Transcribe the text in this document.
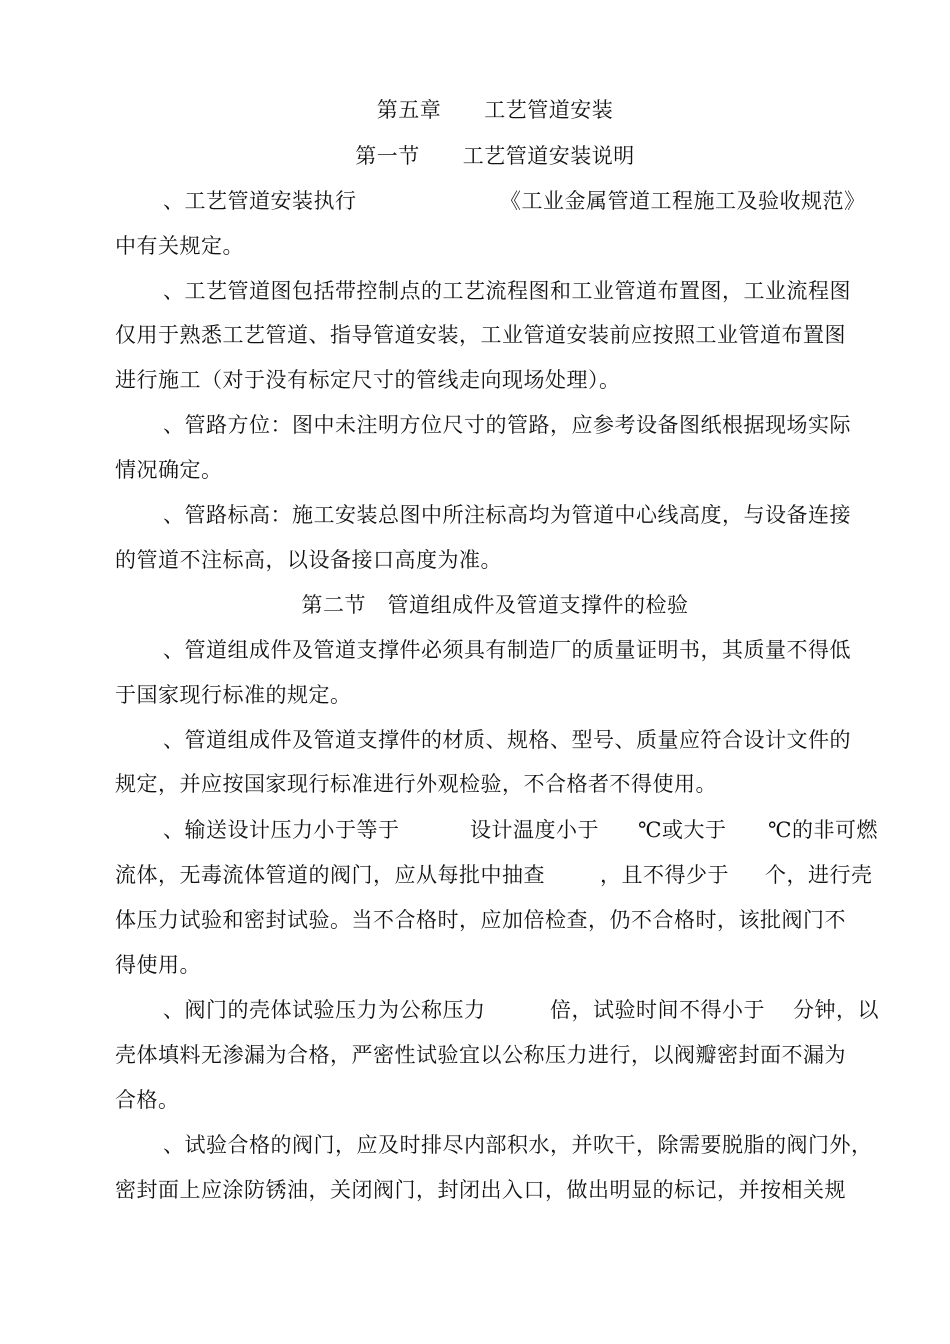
第五章　　工艺管道安装
第一节　　工艺管道安装说明
、工艺管道安装执行	《工业金属管道工程施工及验收规范》
中有关规定。
、工艺管道图包括带控制点的工艺流程图和工业管道布置图，工业流程图
仅用于熟悉工艺管道、指导管道安装，工业管道安装前应按照工业管道布置图
进行施工（对于没有标定尺寸的管线走向现场处理）。
、管路方位：图中未注明方位尺寸的管路，应参考设备图纸根据现场实际
情况确定。
、管路标高：施工安装总图中所注标高均为管道中心线高度，与设备连接
的管道不注标高，以设备接口高度为准。
第二节　管道组成件及管道支撑件的检验
、管道组成件及管道支撑件必须具有制造厂的质量证明书，其质量不得低
于国家现行标准的规定。
、管道组成件及管道支撑件的材质、规格、型号、质量应符合设计文件的
规定，并应按国家现行标准进行外观检验，不合格者不得使用。
、输送设计压力小于等于	设计温度小于 ℃或大于 ℃的非可燃
流体，无毒流体管道的阀门，应从每批中抽查	，且不得少于 个，进行壳
体压力试验和密封试验。当不合格时，应加倍检查，仍不合格时，该批阀门不
得使用。
、阀门的壳体试验压力为公称压力	倍，试验时间不得小于 分钟，以
壳体填料无渗漏为合格，严密性试验宜以公称压力进行，以阀瓣密封面不漏为
合格。
、试验合格的阀门，应及时排尽内部积水，并吹干，除需要脱脂的阀门外，
密封面上应涂防锈油，关闭阀门，封闭出入口，做出明显的标记，并按相关规
